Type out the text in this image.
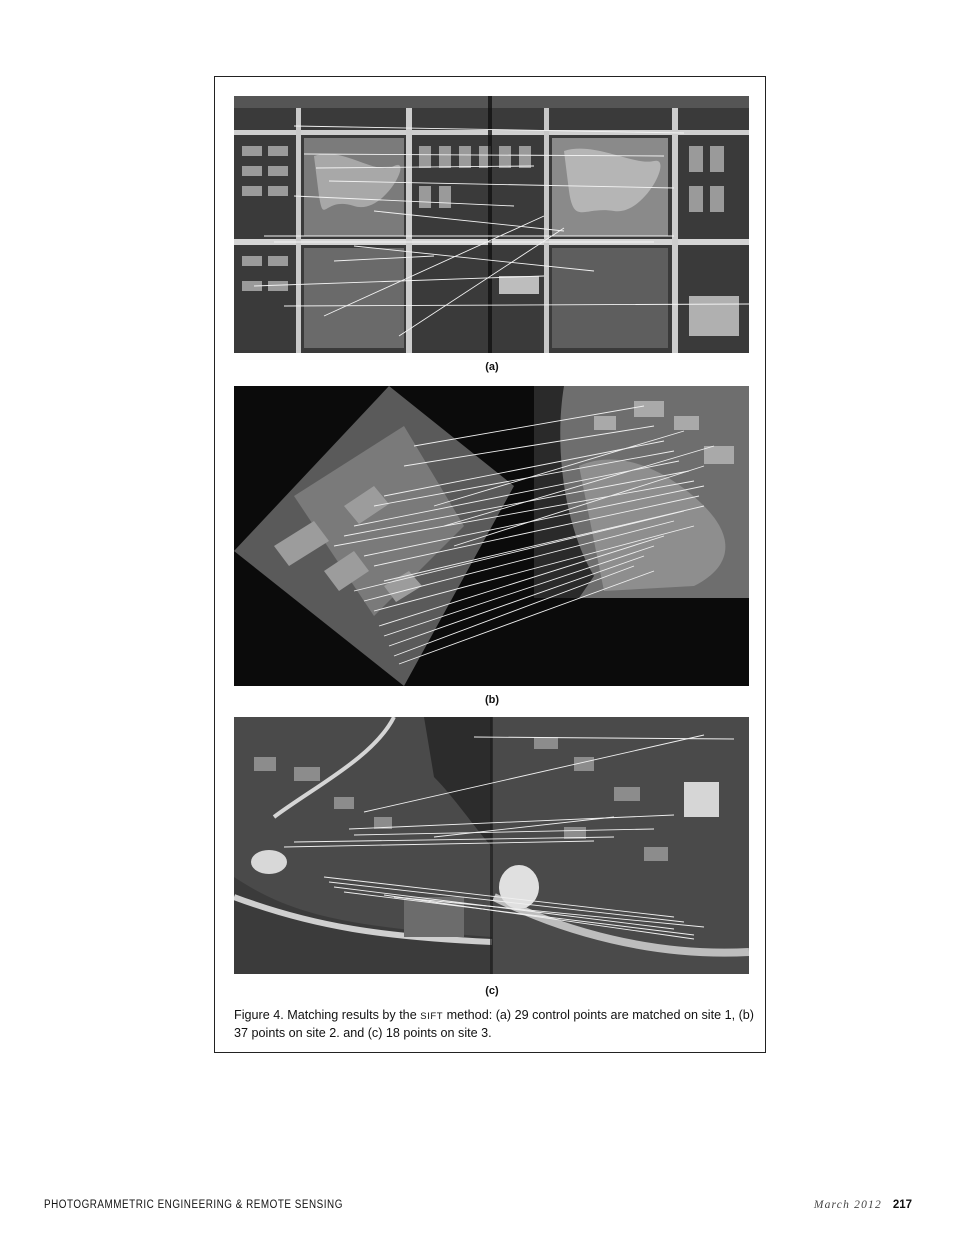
(a)
(b)
(c)
Figure 4. Matching results by the SIFT method: (a) 29 control points are matched on site 1, (b) 37 points on site 2. and (c) 18 points on site 3.
PHOTOGRAMMETRIC ENGINEERING & REMOTE SENSING	March 2012 217
